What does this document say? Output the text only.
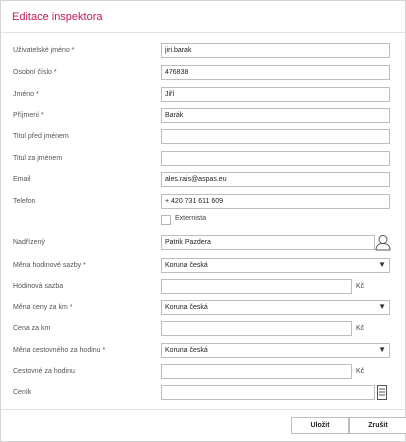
Editace inspektora
Uživatelské jméno *	jiri.barak
Osobní číslo *	476838
Jméno *	Jiří
Příjmení *	Barák
Titul před jménem
Titul za jménem
Email	ales.rais@aspas.eu
Telefon	+ 420 731 611 609
Externista
Nadřízený	Patrik Pazdera
Měna hodinové sazby *	Koruna česká	▼
Hodinová sazba	Kč
Měna ceny za km *	Koruna česká	▼
Cena za km	Kč
Měna cestovného za hodinu *	Koruna česká	▼
Cestovné za hodinu	Kč
Ceník
Uložit	Zrušit
